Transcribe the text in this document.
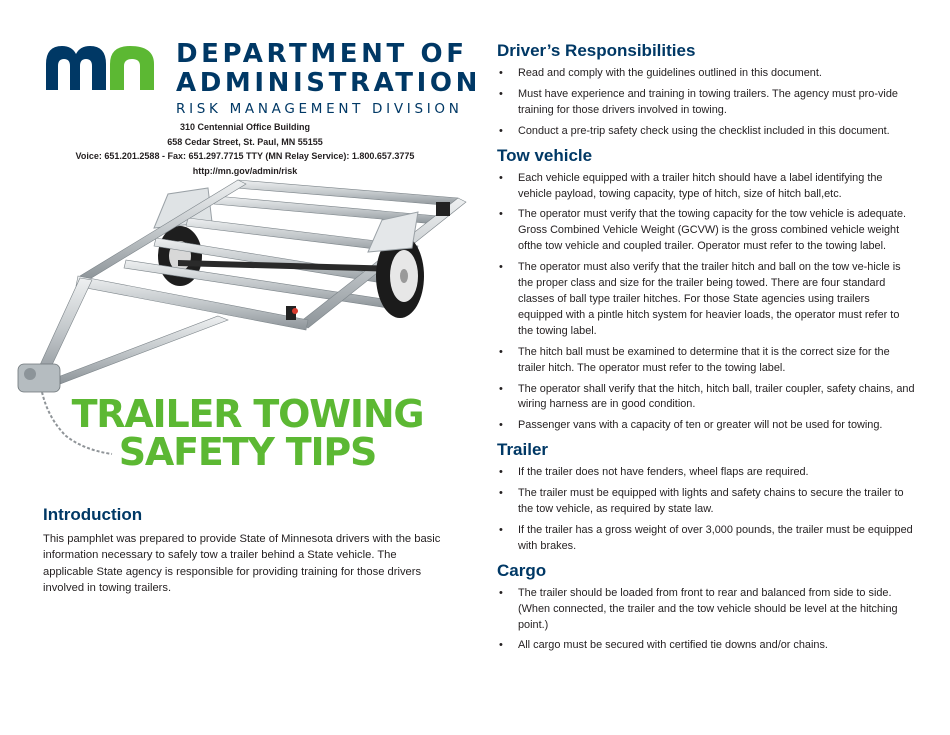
DEPARTMENT OF
ADMINISTRATION
RISK MANAGEMENT DIVISION
310 Centennial Office Building
658 Cedar Street, St. Paul, MN 55155
Voice: 651.201.2588 - Fax: 651.297.7715 TTY (MN Relay Service): 1.800.657.3775
http://mn.gov/admin/risk
TRAILER TOWING
SAFETY TIPS
Introduction

This pamphlet was prepared to provide State of Minnesota drivers with the basic information necessary to safely tow a trailer behind a State vehicle. The applicable State agency is responsible for providing training for those drivers involved in towing trailers.

Driver’s Responsibilities
• Read and comply with the guidelines outlined in this document.
• Must have experience and training in towing trailers. The agency must pro-vide training for those drivers involved in towing.
• Conduct a pre-trip safety check using the checklist included in this document.
Tow vehicle
• Each vehicle equipped with a trailer hitch should have a label identifying the vehicle payload, towing capacity, type of hitch, size of hitch ball,etc.
• The operator must verify that the towing capacity for the tow vehicle is adequate. Gross Combined Vehicle Weight (GCVW) is the gross combined vehicle weight ofthe tow vehicle and coupled trailer. Operator must refer to the towing label.
• The operator must also verify that the trailer hitch and ball on the tow ve-hicle is the proper class and size for the trailer being towed. There are four standard classes of ball type trailer hitches. For those State agencies using trailers equipped with a pintle hitch system for heavier loads, the operator must refer to the towing label.
• The hitch ball must be examined to determine that it is the correct size for the trailer hitch. The operator must refer to the towing label.
• The operator shall verify that the hitch, hitch ball, trailer coupler, safety chains, and wiring harness are in good condition.
• Passenger vans with a capacity of ten or greater will not be used for towing.
Trailer
• If the trailer does not have fenders, wheel flaps are required.
• The trailer must be equipped with lights and safety chains to secure the trailer to the tow vehicle, as required by state law.
• If the trailer has a gross weight of over 3,000 pounds, the trailer must be equipped with brakes.
Cargo
• The trailer should be loaded from front to rear and balanced from side to side. (When connected, the trailer and the tow vehicle should be level at the hitching point.)
• All cargo must be secured with certified tie downs and/or chains.
